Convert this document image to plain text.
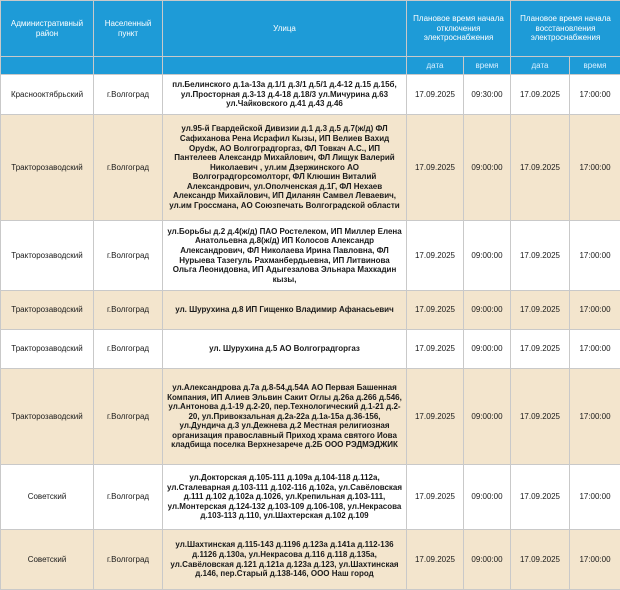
Административный район	Населенный пункт	Улица	Плановое время начала отключения электроснабжения		Плановое время начала восстановления электроснабжения	
			дата	время	дата	время
Краснооктябрьский	г.Волгоград	пл.Белинского д.1а-13а д.1/1 д.3/1 д.5/1 д.4-12 д.15 д.15б, ул.Просторная д.3-13 д.4-18 д.18/3 ул.Мичурина д.63 ул.Чайковского д.41 д.43 д.46	17.09.2025	09:30:00	17.09.2025	17:00:00
Тракторозаводский	г.Волгоград	ул.95-й Гвардейской Дивизии д.1 д.3 д.5 д.7(ж/д) ФЛ Сафиханова Рена Исрафил Кызы, ИП Велиев Вахид Оруdж, АО Волгоградгоргаз, ФЛ Товкач А.С., ИП Пантелеев Александр Михайлович, ФЛ Лищук Валерий Николаевич , ул.им Дзержинского АО Волгоградгорсомолторг, ФЛ Клюшин Виталий Александрович, ул.Ополченская д.1Г, ФЛ Нехаев Александр Михайлович, ИП Диланян Самвел Леваевич, ул.им Гроссмана, АО Союзпечать Волгоградской области	17.09.2025	09:00:00	17.09.2025	17:00:00
Тракторозаводский	г.Волгоград	ул.Борьбы д.2 д.4(ж/д) ПАО Ростелеком, ИП Миллер Елена Анатольевна д.8(ж/д) ИП Колосов Александр Александрович, ФЛ Николаева Ирина Павловна, ФЛ Нурыева Тазегуль Рахманбердыевна, ИП Литвинова Ольга Леонидовна, ИП Адыгезалова Эльнара Махкадин кызы,	17.09.2025	09:00:00	17.09.2025	17:00:00
Тракторозаводский	г.Волгоград	ул. Шурухина д.8 ИП Гищенко Владимир Афанасьевич	17.09.2025	09:00:00	17.09.2025	17:00:00
Тракторозаводский	г.Волгоград	ул. Шурухина д.5 АО Волгоградгоргаз	17.09.2025	09:00:00	17.09.2025	17:00:00
Тракторозаводский	г.Волгоград	ул.Александрова д.7а д.8-54,д.54А АО Первая Башенная Компания, ИП Алиев Эльвин Сакит Оглы д.26а д.266 д.546, ул.Антонова д.1-19 д.2-20, пер.Технологический д.1-21 д.2-20, ул.Привокзальная д.2а-22а д.1а-15а д.36-156, ул.Дундича д.3 ул.Дежнева д.2 Местная религиозная организация православный Приход храма святого Иова кладбища поселка Верхнезарече д.2Б ООО РЭДМЭДЖИК	17.09.2025	09:00:00	17.09.2025	17:00:00
Советский	г.Волгоград	ул.Докторская д.105-111 д.109а д.104-118 д.112а, ул.Сталеварная д.103-111 д.102-116 д.102а, ул.Савёловская д.111 д.102 д.102а д.1026, ул.Крепильная д.103-111, ул.Монтерская д.124-132 д.103-109 д.106-108, ул.Некрасова д.103-113 д.110, ул.Шахтерская д.102 д.109	17.09.2025	09:00:00	17.09.2025	17:00:00
Советский	г.Волгоград	ул.Шахтинская д.115-143 д.1196 д.123а д.141а д.112-136 д.1126 д.130а, ул.Некрасова д.116 д.118 д.135а, ул.Савёловская д.121 д.121а д.123а д.123, ул.Шахтинская д.146, пер.Старый д.138-146, ООО Наш город	17.09.2025	09:00:00	17.09.2025	17:00:00
